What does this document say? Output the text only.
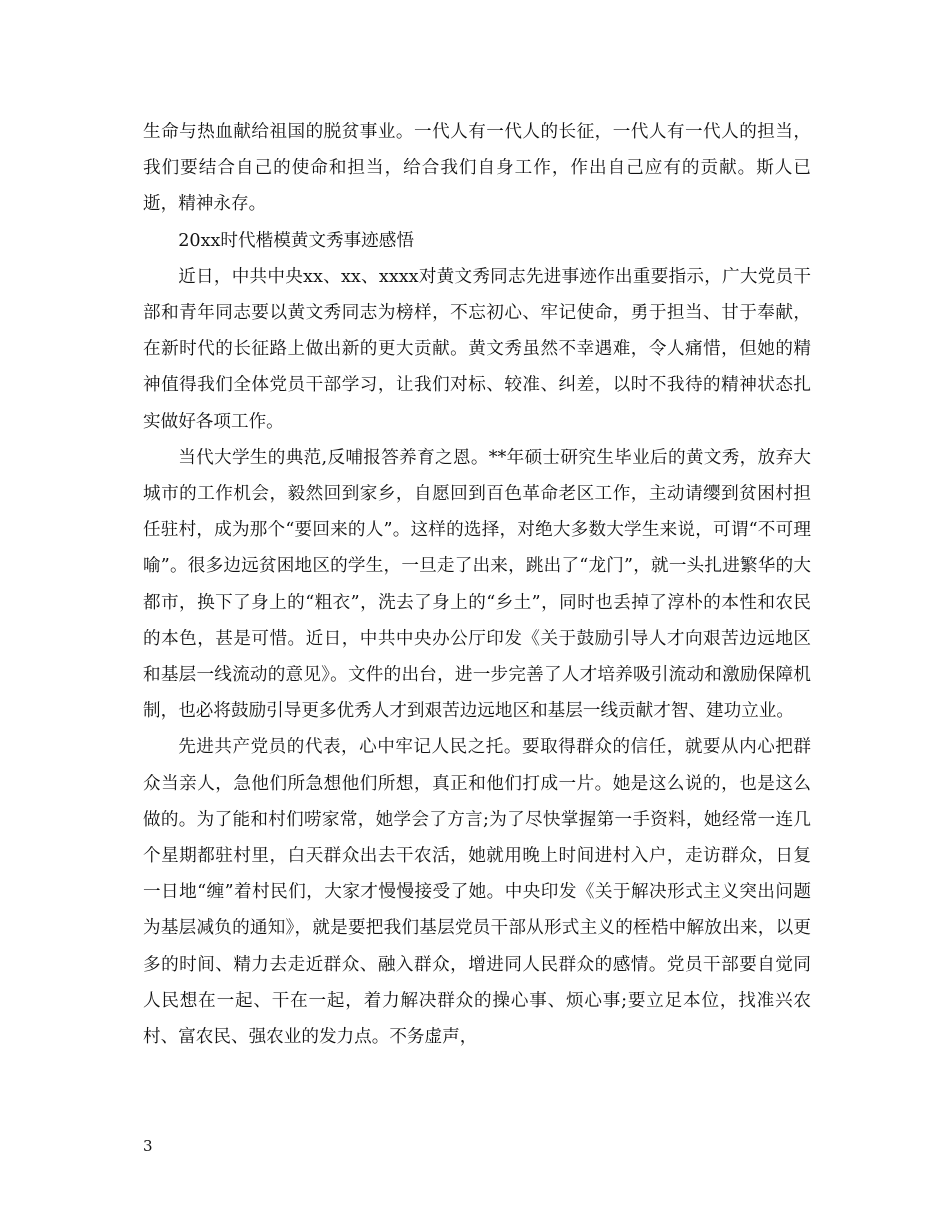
生命与热血献给祖国的脱贫事业。一代人有一代人的长征，一代人有一代人的担当，我们要结合自己的使命和担当，给合我们自身工作，作出自己应有的贡献。斯人已逝，精神永存。

20xx时代楷模黄文秀事迹感悟

近日，中共中央xx、xx、xxxx对黄文秀同志先进事迹作出重要指示，广大党员干部和青年同志要以黄文秀同志为榜样，不忘初心、牢记使命，勇于担当、甘于奉献，在新时代的长征路上做出新的更大贡献。黄文秀虽然不幸遇难，令人痛惜，但她的精神值得我们全体党员干部学习，让我们对标、较准、纠差，以时不我待的精神状态扎实做好各项工作。

当代大学生的典范,反哺报答养育之恩。**年硕士研究生毕业后的黄文秀，放弃大城市的工作机会，毅然回到家乡，自愿回到百色革命老区工作，主动请缨到贫困村担任驻村，成为那个“要回来的人”。这样的选择，对绝大多数大学生来说，可谓“不可理喻”。很多边远贫困地区的学生，一旦走了出来，跳出了“龙门”，就一头扎进繁华的大都市，换下了身上的“粗衣”，洗去了身上的“乡土”，同时也丢掉了淳朴的本性和农民的本色，甚是可惜。近日，中共中央办公厅印发《关于鼓励引导人才向艰苦边远地区和基层一线流动的意见》。文件的出台，进一步完善了人才培养吸引流动和激励保障机制，也必将鼓励引导更多优秀人才到艰苦边远地区和基层一线贡献才智、建功立业。

先进共产党员的代表，心中牢记人民之托。要取得群众的信任，就要从内心把群众当亲人，急他们所急想他们所想，真正和他们打成一片。她是这么说的，也是这么做的。为了能和村们唠家常，她学会了方言;为了尽快掌握第一手资料，她经常一连几个星期都驻村里，白天群众出去干农活，她就用晚上时间进村入户，走访群众，日复一日地“缠”着村民们，大家才慢慢接受了她。中央印发《关于解决形式主义突出问题为基层减负的通知》，就是要把我们基层党员干部从形式主义的桎梏中解放出来，以更多的时间、精力去走近群众、融入群众，增进同人民群众的感情。党员干部要自觉同人民想在一起、干在一起，着力解决群众的操心事、烦心事;要立足本位，找准兴农村、富农民、强农业的发力点。不务虚声，

3
